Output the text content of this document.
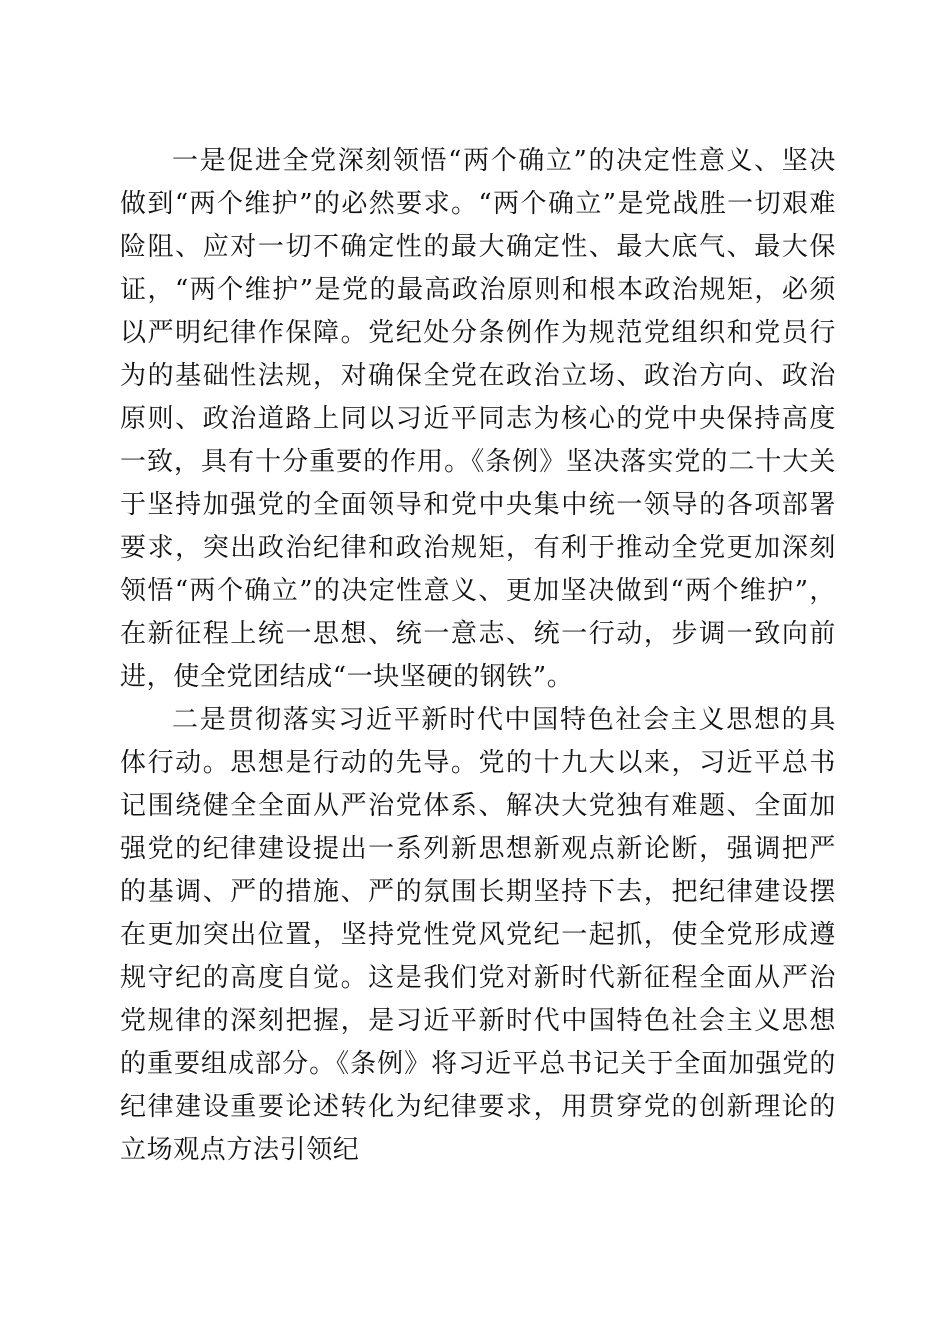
一是促进全党深刻领悟“两个确立”的决定性意义、坚决做到“两个维护”的必然要求。“两个确立”是党战胜一切艰难险阻、应对一切不确定性的最大确定性、最大底气、最大保证，“两个维护”是党的最高政治原则和根本政治规矩，必须以严明纪律作保障。党纪处分条例作为规范党组织和党员行为的基础性法规，对确保全党在政治立场、政治方向、政治原则、政治道路上同以习近平同志为核心的党中央保持高度一致，具有十分重要的作用。《条例》坚决落实党的二十大关于坚持加强党的全面领导和党中央集中统一领导的各项部署要求，突出政治纪律和政治规矩，有利于推动全党更加深刻领悟“两个确立”的决定性意义、更加坚决做到“两个维护”，在新征程上统一思想、统一意志、统一行动，步调一致向前进，使全党团结成“一块坚硬的钢铁”。

二是贯彻落实习近平新时代中国特色社会主义思想的具体行动。思想是行动的先导。党的十九大以来，习近平总书记围绕健全全面从严治党体系、解决大党独有难题、全面加强党的纪律建设提出一系列新思想新观点新论断，强调把严的基调、严的措施、严的氛围长期坚持下去，把纪律建设摆在更加突出位置，坚持党性党风党纪一起抓，使全党形成遵规守纪的高度自觉。这是我们党对新时代新征程全面从严治党规律的深刻把握，是习近平新时代中国特色社会主义思想的重要组成部分。《条例》将习近平总书记关于全面加强党的纪律建设重要论述转化为纪律要求，用贯穿党的创新理论的立场观点方法引领纪
